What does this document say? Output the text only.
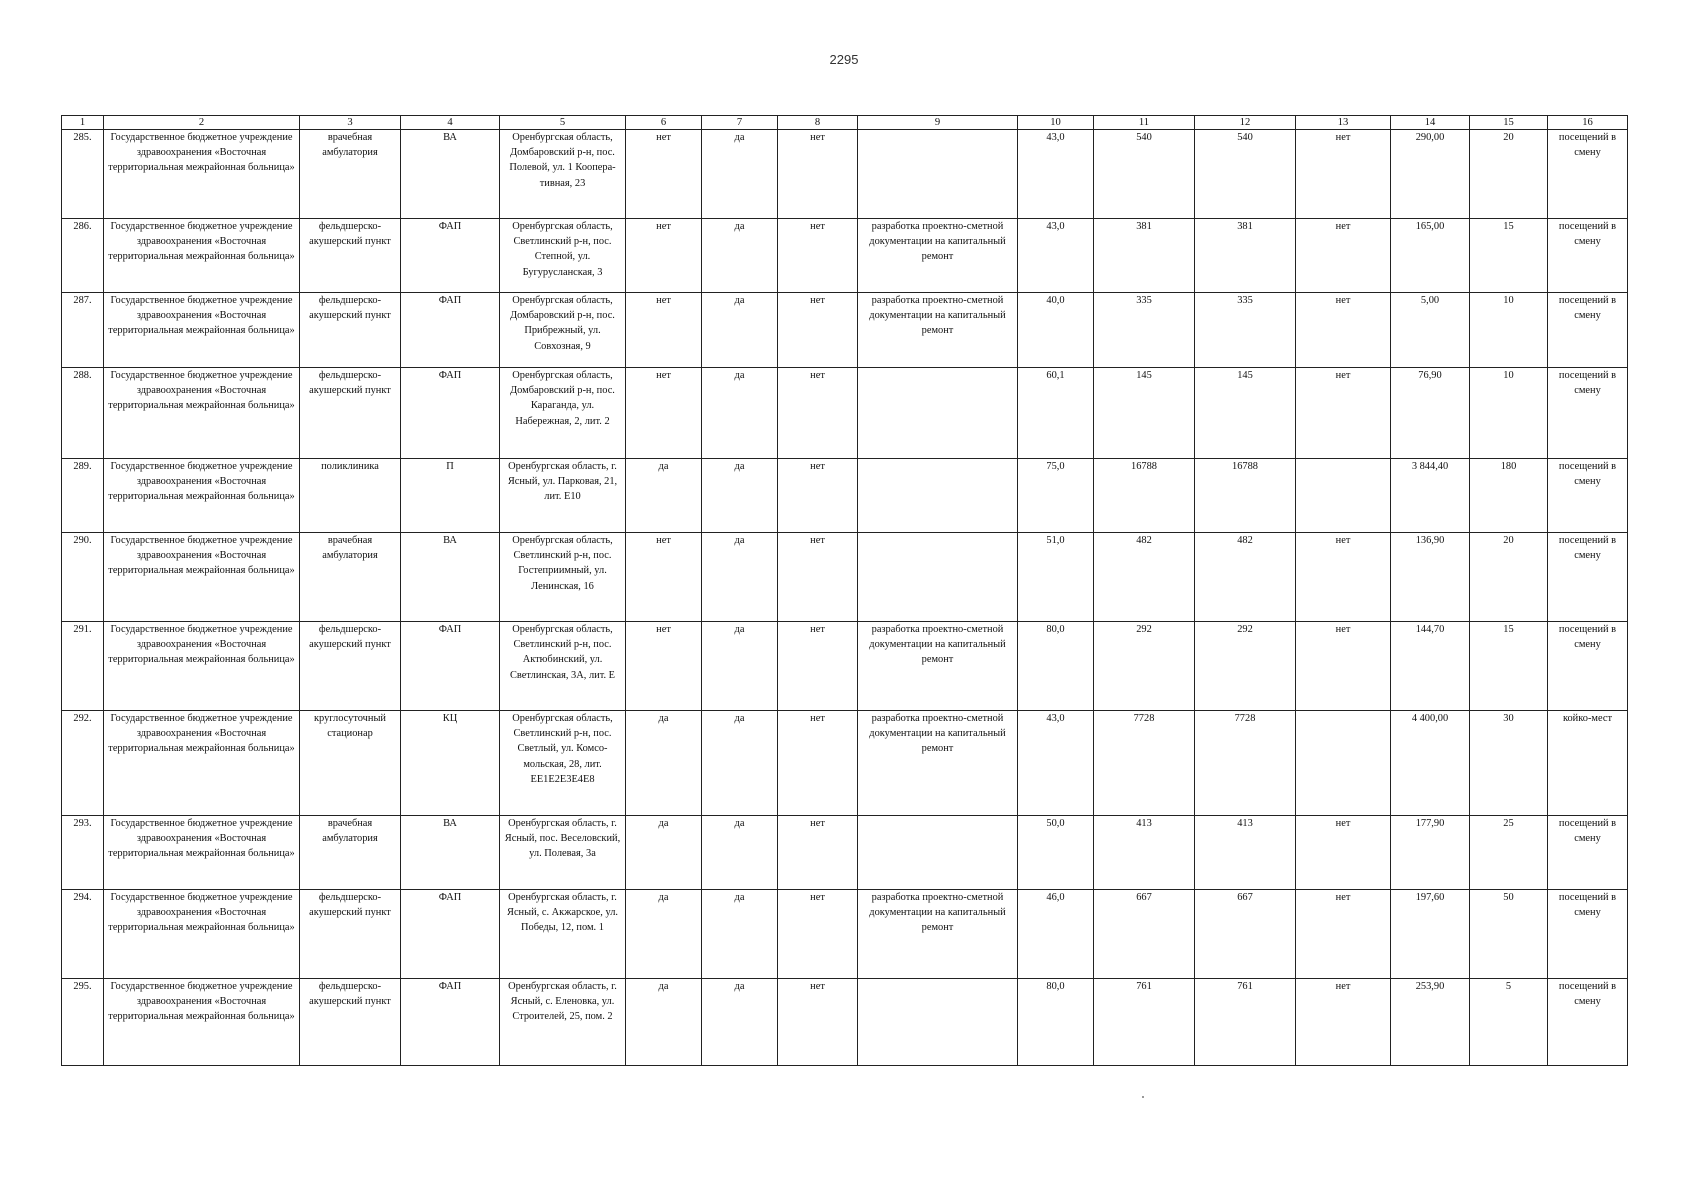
2295
1	2	3	4	5	6	7	8	9	10	11	12	13	14	15	16
285.	Государственное бюджетное учреждение здравоохранения «Восточная территориальная межрайонная больница»	врачебная амбулатория	ВА	Оренбургская область, Домбаровский р-н, пос. Полевой, ул. 1 Коопера-тивная, 23	нет	да	нет		43,0	540	540	нет	290,00	20	посещений в смену
286.	Государственное бюджетное учреждение здравоохранения «Восточная территориальная межрайонная больница»	фельдшерско-акушерский пункт	ФАП	Оренбургская область, Светлинский р-н, пос. Степной, ул. Бугурусланская, 3	нет	да	нет	разработка проектно-сметной документации на капитальный ремонт	43,0	381	381	нет	165,00	15	посещений в смену
287.	Государственное бюджетное учреждение здравоохранения «Восточная территориальная межрайонная больница»	фельдшерско-акушерский пункт	ФАП	Оренбургская область, Домбаровский р-н, пос. Прибрежный, ул. Совхозная, 9	нет	да	нет	разработка проектно-сметной документации на капитальный ремонт	40,0	335	335	нет	5,00	10	посещений в смену
288.	Государственное бюджетное учреждение здравоохранения «Восточная территориальная межрайонная больница»	фельдшерско-акушерский пункт	ФАП	Оренбургская область, Домбаровский р-н, пос. Караганда, ул. Набережная, 2, лит. 2	нет	да	нет		60,1	145	145	нет	76,90	10	посещений в смену
289.	Государственное бюджетное учреждение здравоохранения «Восточная территориальная межрайонная больница»	поликлиника	П	Оренбургская область, г. Ясный, ул. Парковая, 21, лит. Е10	да	да	нет		75,0	16788	16788		3 844,40	180	посещений в смену
290.	Государственное бюджетное учреждение здравоохранения «Восточная территориальная межрайонная больница»	врачебная амбулатория	ВА	Оренбургская область, Светлинский р-н, пос. Гостеприимный, ул. Ленинская, 16	нет	да	нет		51,0	482	482	нет	136,90	20	посещений в смену
291.	Государственное бюджетное учреждение здравоохранения «Восточная территориальная межрайонная больница»	фельдшерско-акушерский пункт	ФАП	Оренбургская область, Светлинский р-н, пос. Актюбинский, ул. Светлинская, 3А, лит. Е	нет	да	нет	разработка проектно-сметной документации на капитальный ремонт	80,0	292	292	нет	144,70	15	посещений в смену
292.	Государственное бюджетное учреждение здравоохранения «Восточная территориальная межрайонная больница»	круглосуточный стационар	КЦ	Оренбургская область, Светлинский р-н, пос. Светлый, ул. Комсо-мольская, 28, лит. ЕЕ1Е2Е3Е4Е8	да	да	нет	разработка проектно-сметной документации на капитальный ремонт	43,0	7728	7728		4 400,00	30	койко-мест
293.	Государственное бюджетное учреждение здравоохранения «Восточная территориальная межрайонная больница»	врачебная амбулатория	ВА	Оренбургская область, г. Ясный, пос. Веселовский, ул. Полевая, 3а	да	да	нет		50,0	413	413	нет	177,90	25	посещений в смену
294.	Государственное бюджетное учреждение здравоохранения «Восточная территориальная межрайонная больница»	фельдшерско-акушерский пункт	ФАП	Оренбургская область, г. Ясный, с. Акжарское, ул. Победы, 12, пом. 1	да	да	нет	разработка проектно-сметной документации на капитальный ремонт	46,0	667	667	нет	197,60	50	посещений в смену
295.	Государственное бюджетное учреждение здравоохранения «Восточная территориальная межрайонная больница»	фельдшерско-акушерский пункт	ФАП	Оренбургская область, г. Ясный, с. Еленовка, ул. Строителей, 25, пом. 2	да	да	нет		80,0	761	761	нет	253,90	5	посещений в смену
